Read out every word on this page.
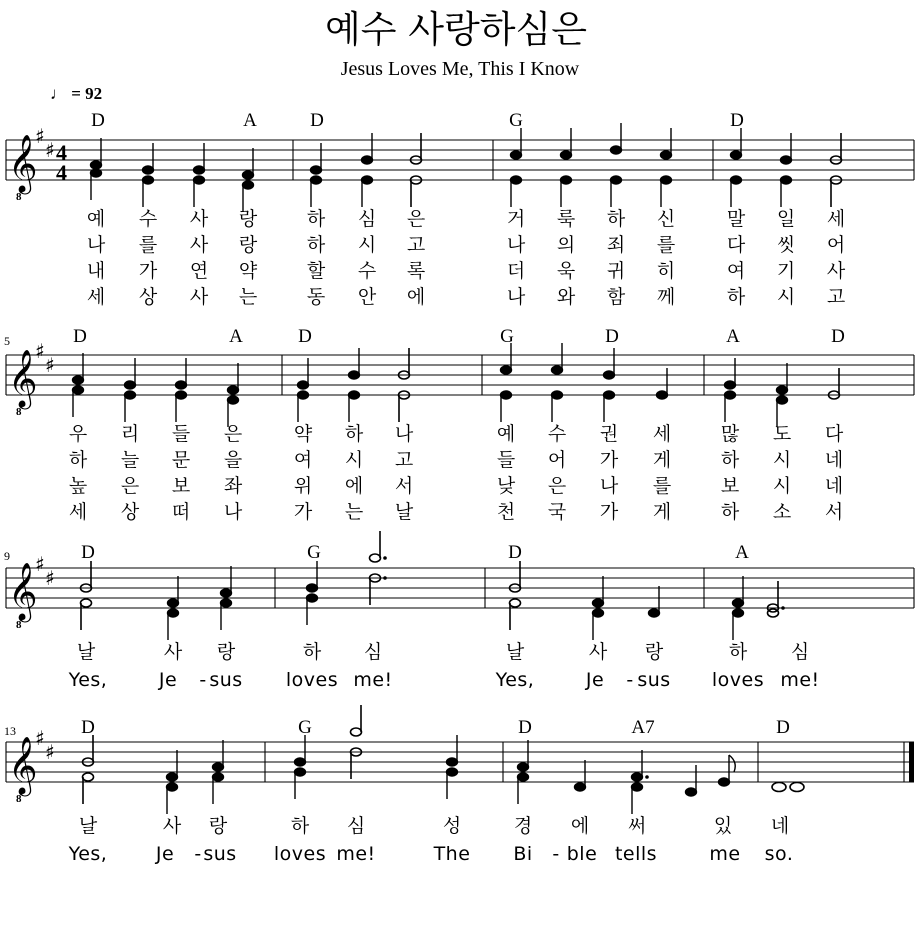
예수 사랑하심은
Jesus Loves Me, This I Know
♩ = 92
𝄞
8
♯
♯ 4
4
𝄞
8
♯
♯
𝄞
8
♯
♯
𝄞
8
♯
♯
D	A	D	G	D
D	A	D	G	D	A	D
D	G	D	A
D	G	D	A7	D
5
9
13
예 수 사 랑	하 심 은	거 룩 하 신	말 일 세
나 를 사 랑	하 시 고	나 의 죄 를	다 씻 어
내 가 연 약	할 수 록	더 욱 귀 히	여 기 사
세 상 사 는	동 안 에	나 와 함 께	하 시 고
우 리 들 은	약 하 나	예 수 권 세	많 도 다
하 늘 문 을	여 시 고	들 어 가 게	하 시 네
높 은 보 좌	위 에 서	낮 은 나 를	보 시 네
세 상 떠 나	가 는 날	천 국 가 게	하 소 서
날	사 랑	하 심	날	사 랑	하 심
Yes,	Je - sus loves me!	Yes,	Je - sus loves me!
날	사 랑	하 심	성	경 에 써	있 네
Yes,	Je - sus loves me!	The Bi - ble tells	me so.
